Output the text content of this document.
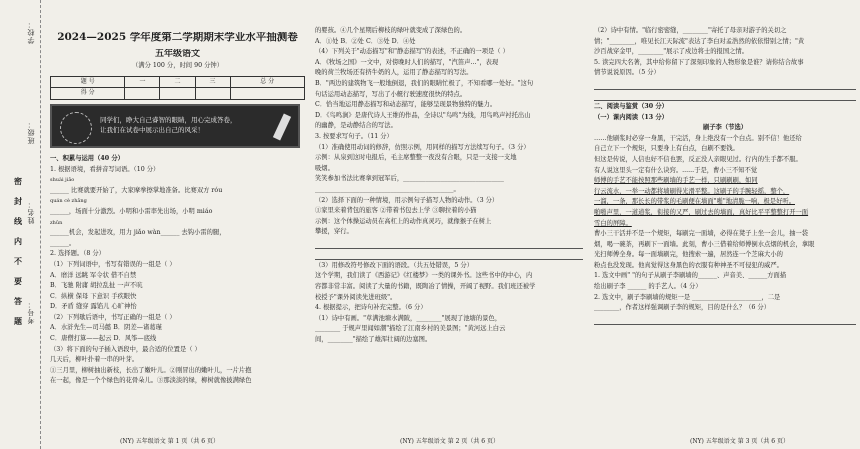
学校：
班级：
姓名：
考号：
密
封
线
内
不
要
答
题

2024—2025 学年度第二学期期末学业水平抽测卷

五年级语文

（满分 100 分，时间 90 分钟）

题 号	一	二	三	总 分
得 分				
同学们，睁大自己睿智的眼睛，用心完成答卷，
让我们在试卷中展示出自己的风采！

一、积累与运用（40 分）

1. 根据语境，看拼音写词语。（10 分）

shuài jiǎo

______ 比赛就要开始了，大家摩拳擦掌地准备。比赛双方 róu

quán cè zhǎng

______，场面十分激烈。小明和小雷率先出场，小明 miáo

zhǔn

______机会，发起进攻，用力 jiǎo wàn______ 去钩小雷的腿，

______。

2. 选择题。（8 分）

（1）下列词语中，书写有错误的一组是（ ）

A．磨洋 远眺 军令状 借不自禁

B．飞驰 附庸 胡拉乱扯 一声不吭

C．纵横 保母 下意识 手疾眼快

D．矛盾 缝穿 露馅儿 心旷神怡

（2）下列歇后语中，书写正确的一组是（ ）

A．水浒先生—司马懿 B．阴差—诸葛瑾

C．唐僧打算——起云 D．风筝—底线

（3）将下面的句子插入语段中，最合适的位置是（ ）

几天后，柳叶扑着一串的叶芽。

①三月里，柳树抽出新枝，长出了嫩叶儿。②刚冒出的嫩叶儿，一片片抱

在一起，像是一个个绿色的花骨朵儿。③那淡淡的绿，柳树就像披满绿色

(NY) 五年级语文 第 1 页（共 6 页）

的婴孩。④几个星期后柳枝的绿叶就变成了深绿色的。

A．①处 B．②处 C．③处 D．④处

（4）下列关于"动态描写"和"静态描写"的表述，不正确的一项是（ ）

A．《牧场之国》一文中，对傍晚时人们的描写，"汽笛声..."，表现

晚的荷兰牧场还有挤牛奶的人，运用了静态描写的写法。

B．"两边的建筑物飞一般地倒退，我们的眼睛忙极了，不知看哪一处好。"这句

句话运用动态描写，写出了小艇行驶速度很快的特点。

C．恰当地运用静态描写和动态描写，能够呈现景物独特的魅力。

D．《鸟鸣涧》是唐代诗人王维的作品，全诗以"鸟鸣"为线，用鸟鸣声衬托出山

的幽静，是动静结合的写法。

3. 按要求写句子。（11 分）

（1）准确使用动词的修辞，仿照示例，用同样的描写方法续写句子。（3 分）

示例：从泉到这时电报后，毛主席整整一夜没有合眼，只是一支接一支地

吸烟。

笑笑参加书法比赛拿到冠军后，________________________________

____________________________________________。

（2）选择下面的一种情境，用示例句子描写人物的动作。（3 分）

①家里来着背包的旅客 ②带着书包去上学 ③聊拉着的小猫

示例：这个体操运动员在高杠上的动作真灵巧，就像猴子在树上

攀援，穿行。

（3）用修改符号修改下面的语段。（共五处错误，5 分）

这个学期，我们读了《西游记》《红楼梦》一类的课外书。这些书中的中心，内

容都非常丰富。阅读了大量的书籍，既陶冶了情操，开阔了视野。我们班还被学

校授予"课外阅读先进班级"。

4. 根据提示，把诗句补充完整。（6 分）

（1）诗中有画。"草满池塘水满陂，________"展现了池塘的景色，

________ 于规声里闻如潮"描绘了江南乡村的美景图；"黄河远上白云

间，________"描绘了雄浑壮阔的边塞图。

(NY) 五年级语文 第 2 页（共 6 页）

（2）诗中有情。"临行密密缝，________"寄托了母亲对游子的关切之

情；"________，唯见长江天际流"表达了李白对孟浩然的依依惜别之情；"黄

沙百战穿金甲，________"展示了戍边将士的报国之情。

5. 读完四大名著，其中给你留下了深刻印象的人物形象是谁？请你结合故事

情节说说原因。（5 分）

二、阅读与鉴赏（30 分）

（一）课内阅读（13 分）

刷子李（节选）

……他刷浆时必穿一身黑，干完活，身上绝没有一个白点。别不信！他还给

自己立下一个规矩，只要身上有白点，白刷不要钱。

但这是传说，人信也好不信也罢，反正没人亲眼见过。行内的生手都不服。

有人说这里头一定有什么诀窍。......于是，曹小三不知不觉

师傅的手艺不能按照那些刷墙的手艺一样，只刷刷刷，如同

行云流水，一举一动都将墙刷得光滑平整。这刷子的手腕轻摇，整个，

一溜，一条，那长长的带浆的毛刷便在墙面"啪"地清脆一响，极是好听。

啪啪声里，一道道浆，衔接的又严，刷过去的墙面，真好比平平整整打开一面

雪白的屏障。

曹小三干活并不是一个规矩，每刷完一面墙，必得在凳子上坐一会儿，抽一袋

烟，喝一碗茶，再刷下一面墙。此刻，曹小三借着给师傅倒水点烟的机会，拿眼

光扫师傅全身。每一面墙刷完，他搜索一遍，居然连一个芝麻大小的

粉点也没发现。他真觉得这身黑色的衣服有种神圣不可侵犯的威严。

1. 选文中画" "的句子从刷子李刷墙的______、声音美、______方面描

绘出刷子李 ______ 的手艺人。（4 分）

2. 选文中，刷子李刷墙的规矩一是 ______________________，二是

________，作者这样强调刷子李的规矩，目的是什么？（6 分）

(NY) 五年级语文 第 3 页（共 6 页）
